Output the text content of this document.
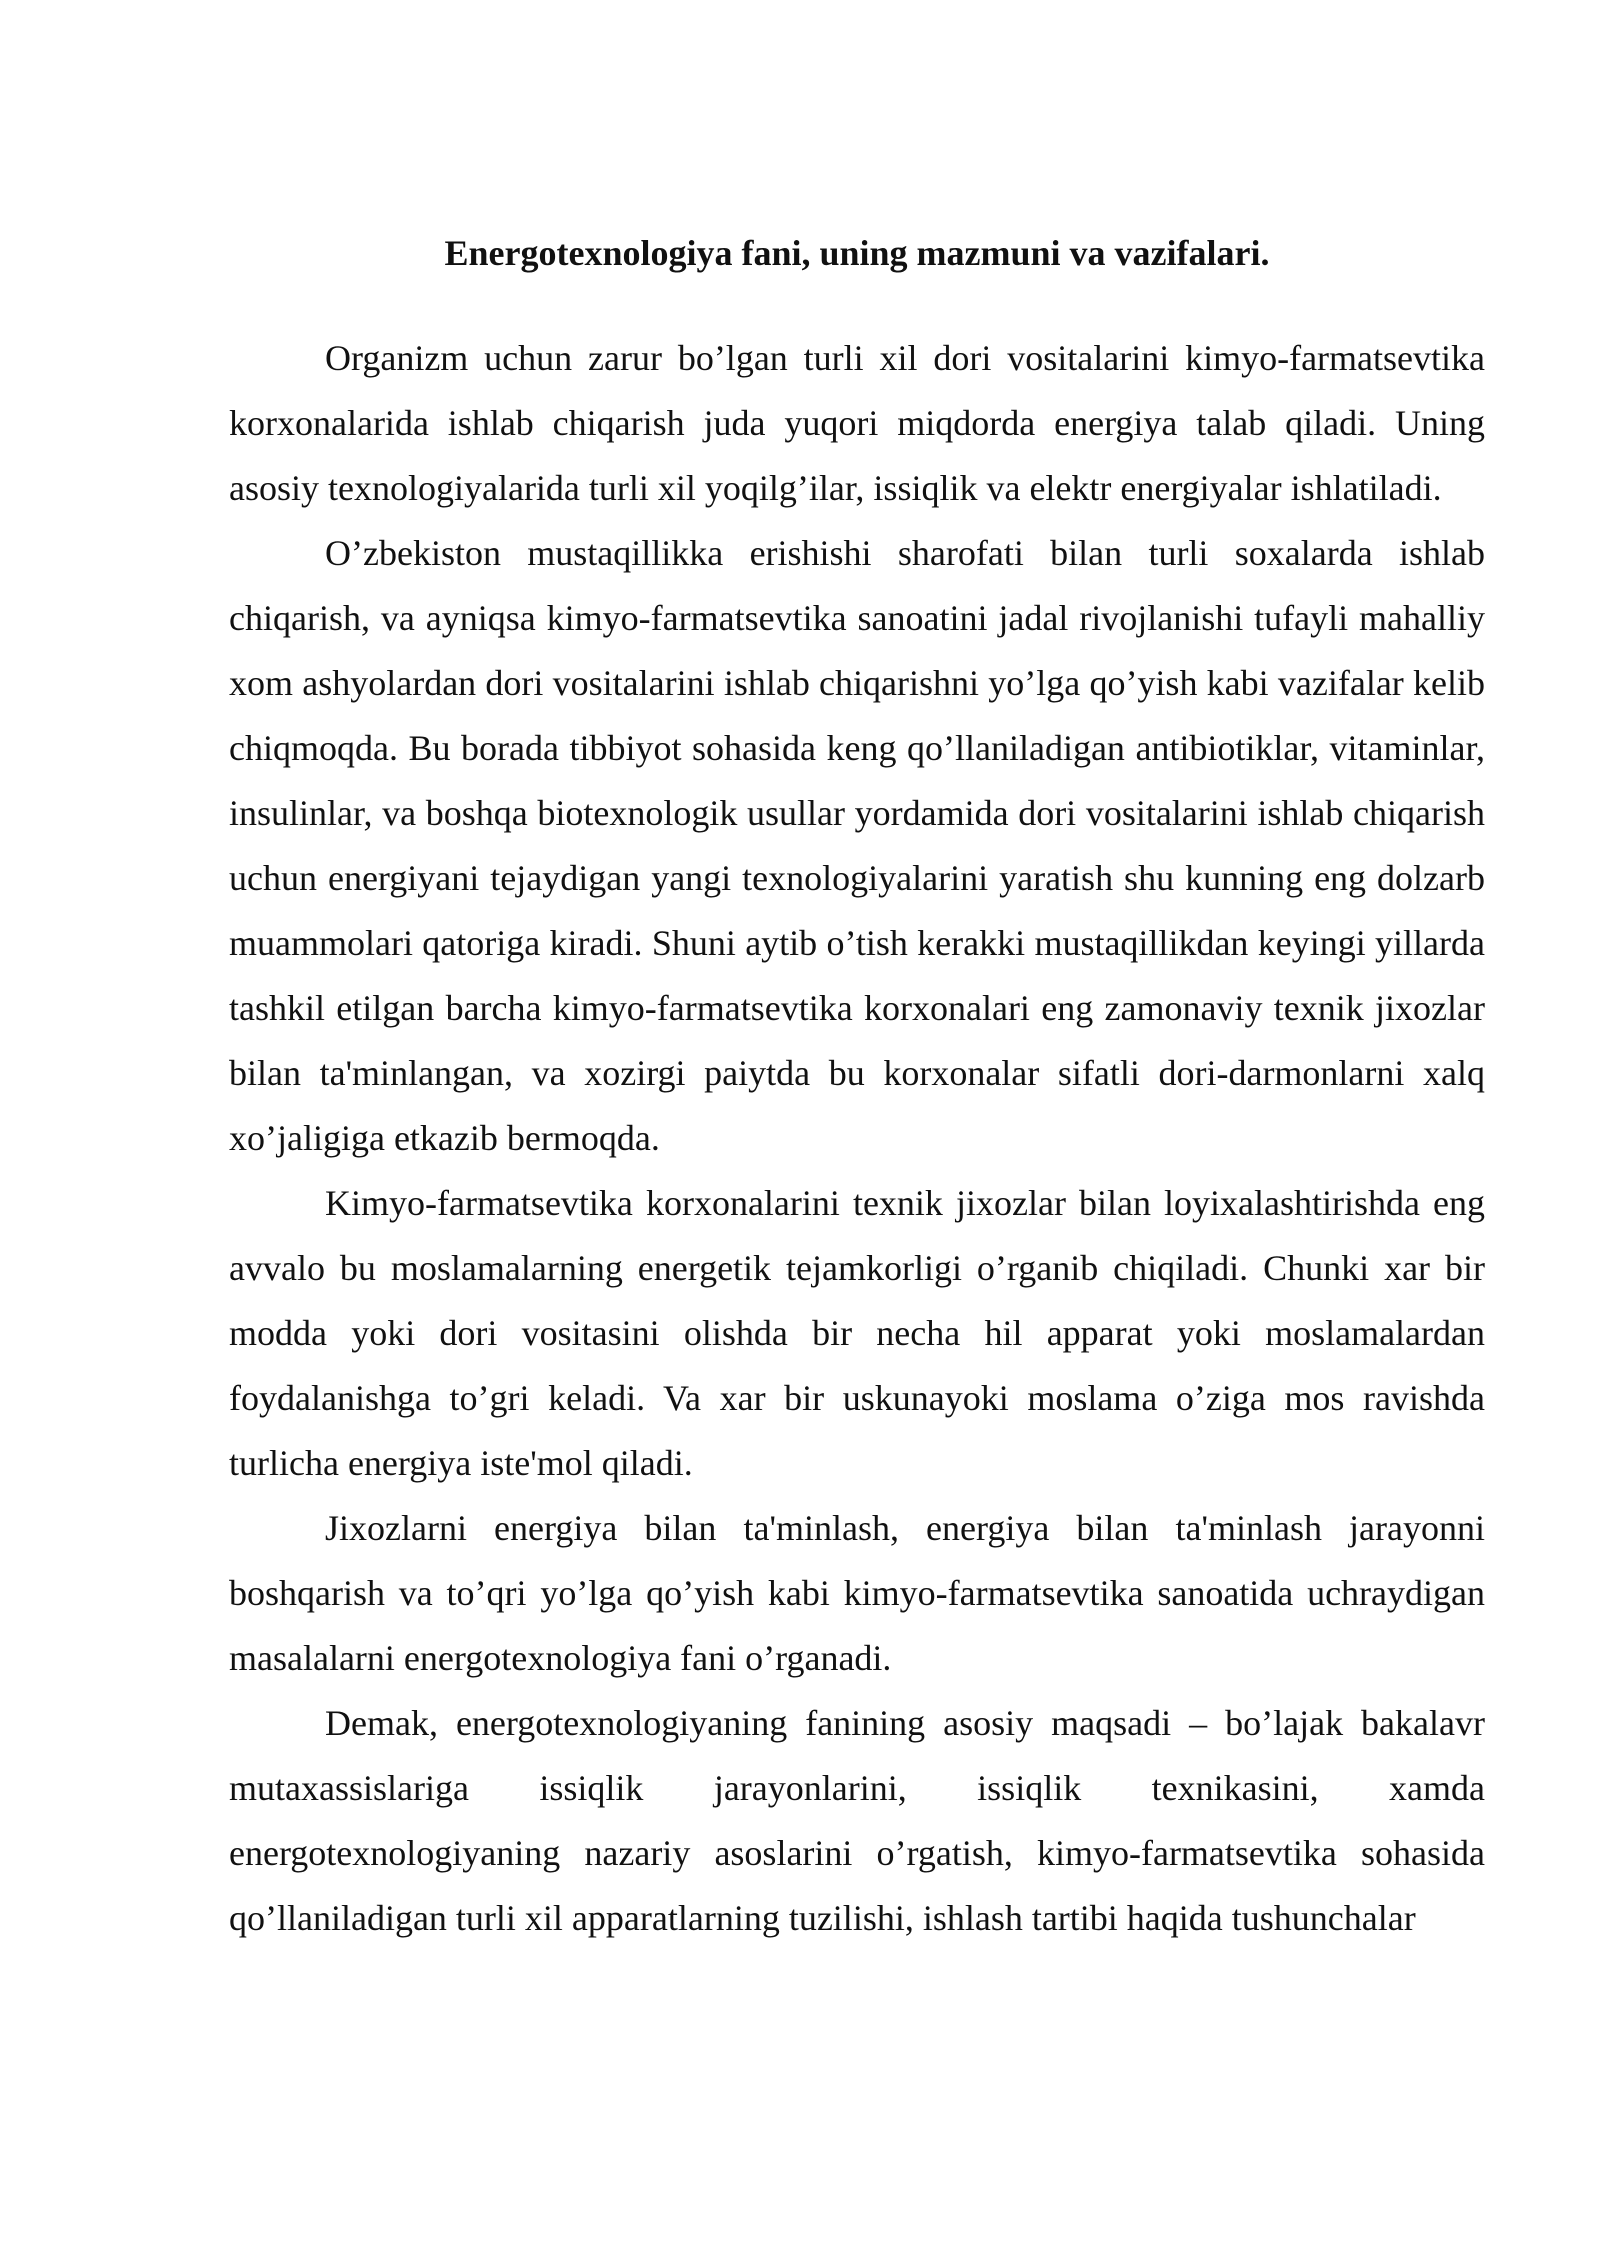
Energotexnologiya fani, uning mazmuni va vazifalari.

Organizm uchun zarur bo’lgan turli xil dori vositalarini kimyo-farmatsevtika korxonalarida ishlab chiqarish juda yuqori miqdorda energiya talab qiladi. Uning asosiy texnologiyalarida turli xil yoqilg’ilar, issiqlik va elektr energiyalar ishlatiladi.

O’zbekiston mustaqillikka erishishi sharofati bilan turli soxalarda ishlab chiqarish, va ayniqsa kimyo-farmatsevtika sanoatini jadal rivojlanishi tufayli mahalliy xom ashyolardan dori vositalarini ishlab chiqarishni yo’lga qo’yish kabi vazifalar kelib chiqmoqda. Bu borada tibbiyot sohasida keng qo’llaniladigan antibiotiklar, vitaminlar, insulinlar, va boshqa biotexnologik usullar yordamida dori vositalarini ishlab chiqarish uchun energiyani tejaydigan yangi texnologiyalarini yaratish shu kunning eng dolzarb muammolari qatoriga kiradi. Shuni aytib o’tish kerakki mustaqillikdan keyingi yillarda tashkil etilgan barcha kimyo-farmatsevtika korxonalari eng zamonaviy texnik jixozlar bilan ta'minlangan, va xozirgi paiytda bu korxonalar sifatli dori-darmonlarni xalq xo’jaligiga etkazib bermoqda.

Kimyo-farmatsevtika korxonalarini texnik jixozlar bilan loyixalashtirishda eng avvalo bu moslamalarning energetik tejamkorligi o’rganib chiqiladi. Chunki xar bir modda yoki dori vositasini olishda bir necha hil apparat yoki moslamalardan foydalanishga to’gri keladi. Va xar bir uskunayoki moslama o’ziga mos ravishda turlicha energiya iste'mol qiladi.

Jixozlarni energiya bilan ta'minlash, energiya bilan ta'minlash jarayonni boshqarish va to’qri yo’lga qo’yish kabi kimyo-farmatsevtika sanoatida uchraydigan masalalarni energotexnologiya fani o’rganadi.

Demak, energotexnologiyaning fanining asosiy maqsadi – bo’lajak bakalavr mutaxassislariga issiqlik jarayonlarini, issiqlik texnikasini, xamda energotexnologiyaning nazariy asoslarini o’rgatish, kimyo-farmatsevtika sohasida qo’llaniladigan turli xil apparatlarning tuzilishi, ishlash tartibi haqida tushunchalar
